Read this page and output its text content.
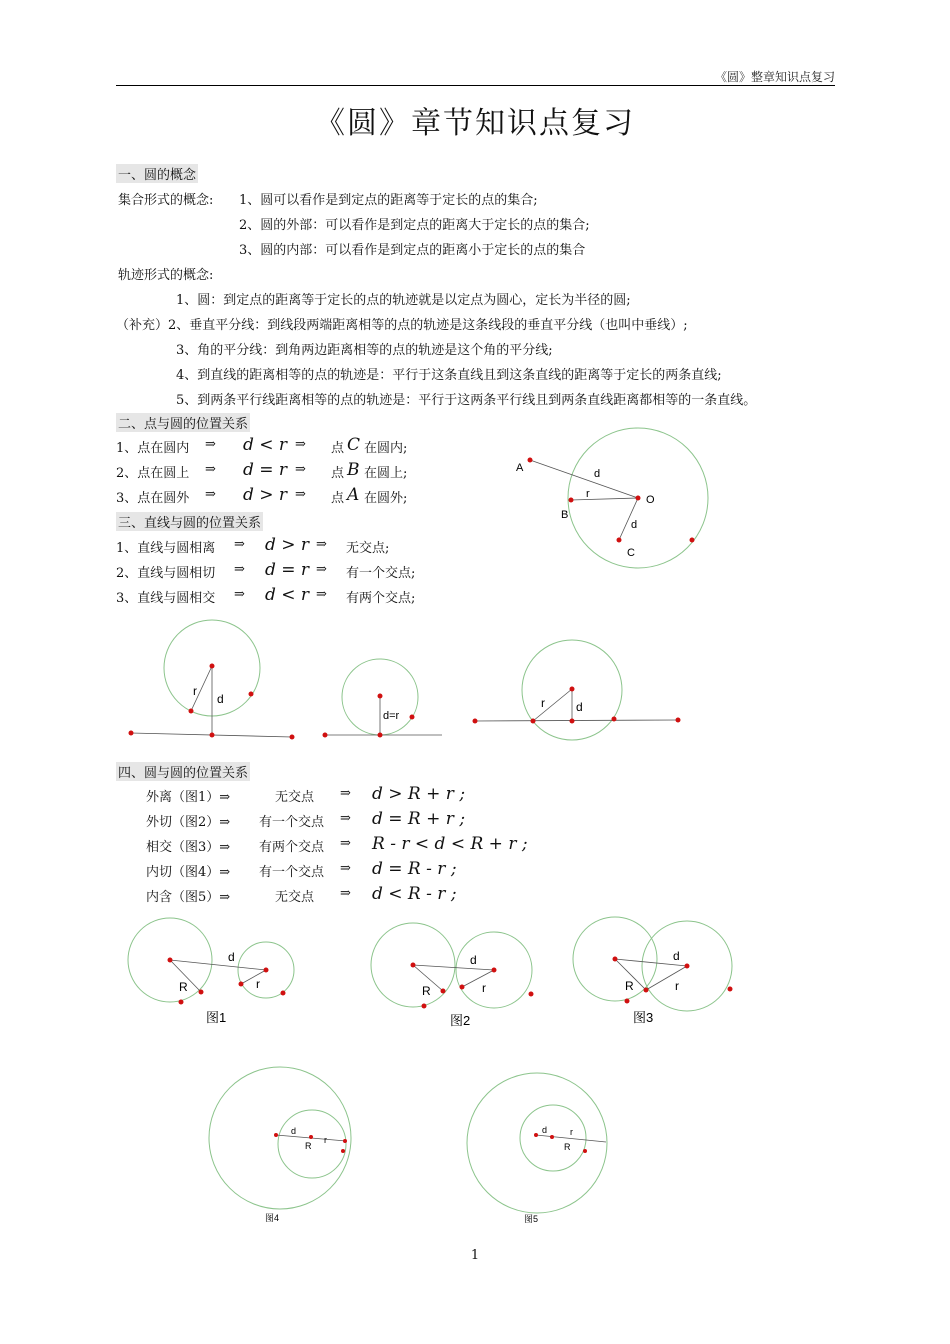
《圆》整章知识点复习
《圆》章节知识点复习
一、圆的概念
集合形式的概念: 1、圆可以看作是到定点的距离等于定长的点的集合;
2、圆的外部：可以看作是到定点的距离大于定长的点的集合;
3、圆的内部：可以看作是到定点的距离小于定长的点的集合
轨迹形式的概念:
1、圆：到定点的距离等于定长的点的轨迹就是以定点为圆心，定长为半径的圆;
（补充）2、垂直平分线：到线段两端距离相等的点的轨迹是这条线段的垂直平分线（也叫中垂线）;
3、角的平分线：到角两边距离相等的点的轨迹是这个角的平分线;
4、到直线的距离相等的点的轨迹是：平行于这条直线且到这条直线的距离等于定长的两条直线;
5、到两条平行线距离相等的点的轨迹是：平行于这两条平行线且到两条直线距离都相等的一条直线。
二、点与圆的位置关系
1、点在圆内 ⇒ d < r ⇒ 点 C 在圆内;
2、点在圆上 ⇒ d = r ⇒ 点 B 在圆上;
3、点在圆外 ⇒ d > r ⇒ 点 A 在圆外;
A
B
C
O
d
r
d
三、直线与圆的位置关系
1、直线与圆相离 ⇒ d > r ⇒ 无交点;
2、直线与圆相切 ⇒ d = r ⇒ 有一个交点;
3、直线与圆相交 ⇒ d < r ⇒ 有两个交点;
r
d
d=r
r	d
四、圆与圆的位置关系
外离（图1）⇒	无交点 ⇒ d > R + r ;
外切（图2）⇒ 有一个交点 ⇒ d = R + r ;
相交（图3）⇒ 有两个交点 ⇒ R - r < d < R + r ;
内切（图4）⇒ 有一个交点 ⇒ d = R - r ;
内含（图5）⇒	无交点 ⇒ d < R - r ;
d
R	r
图1
d
R	r
图2
d
R	r
图3
d
r
R
图4
d	r
R
图5
1
